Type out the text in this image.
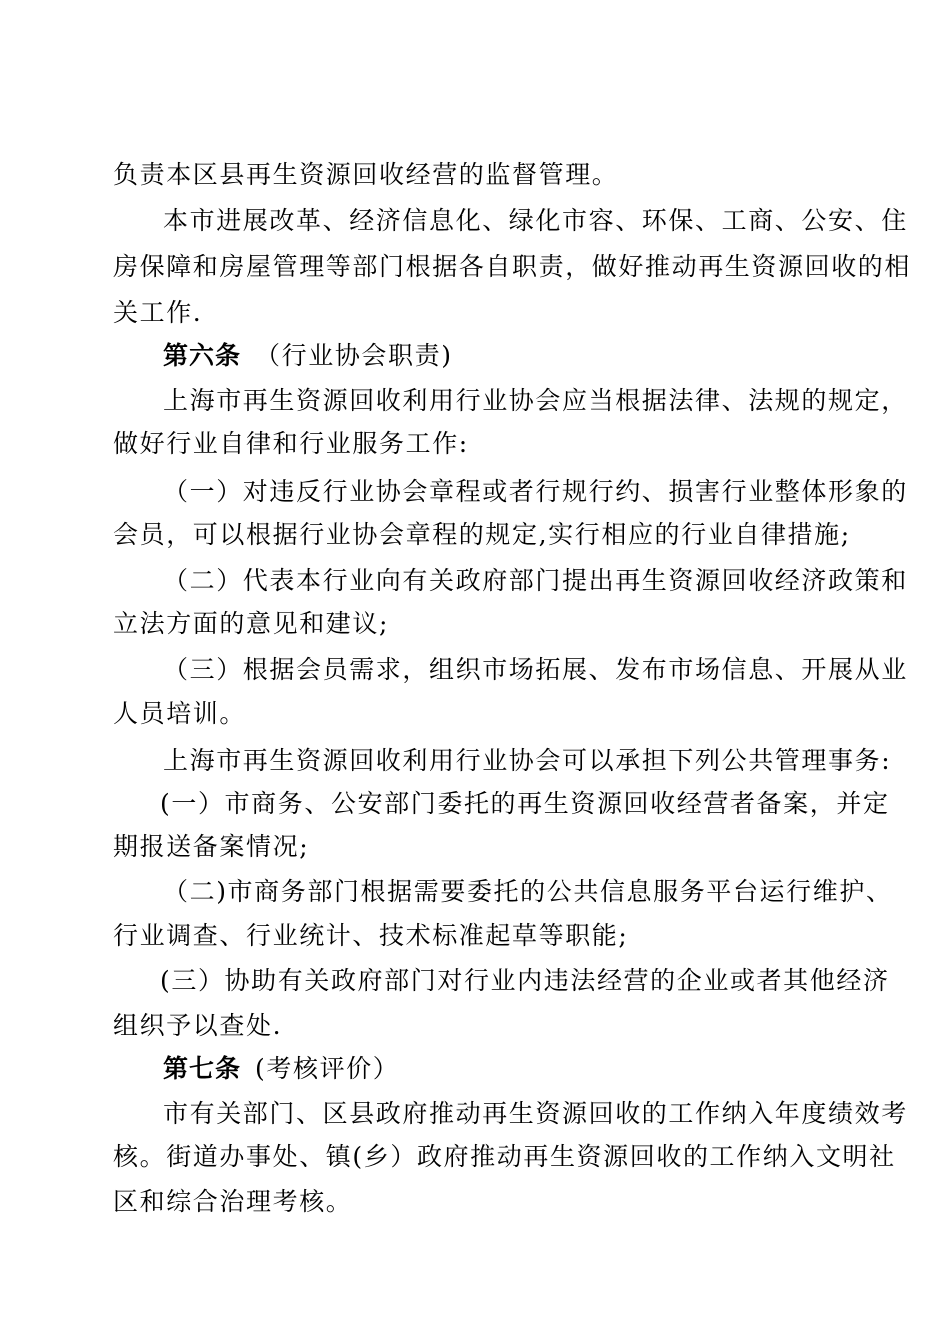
负责本区县再生资源回收经营的监督管理。
本市进展改革、经济信息化、绿化市容、环保、工商、公安、住
房保障和房屋管理等部门根据各自职责，做好推动再生资源回收的相
关工作.
第六条 （行业协会职责)
上海市再生资源回收利用行业协会应当根据法律、法规的规定，
做好行业自律和行业服务工作:
（一）对违反行业协会章程或者行规行约、损害行业整体形象的
会员，可以根据行业协会章程的规定,实行相应的行业自律措施;
（二）代表本行业向有关政府部门提出再生资源回收经济政策和
立法方面的意见和建议;
（三）根据会员需求，组织市场拓展、发布市场信息、开展从业
人员培训。
上海市再生资源回收利用行业协会可以承担下列公共管理事务:
(一）市商务、公安部门委托的再生资源回收经营者备案，并定
期报送备案情况;
（二)市商务部门根据需要委托的公共信息服务平台运行维护、
行业调查、行业统计、技术标准起草等职能;
(三）协助有关政府部门对行业内违法经营的企业或者其他经济
组织予以查处.
第七条 (考核评价）
市有关部门、区县政府推动再生资源回收的工作纳入年度绩效考
核。街道办事处、镇(乡）政府推动再生资源回收的工作纳入文明社
区和综合治理考核。
